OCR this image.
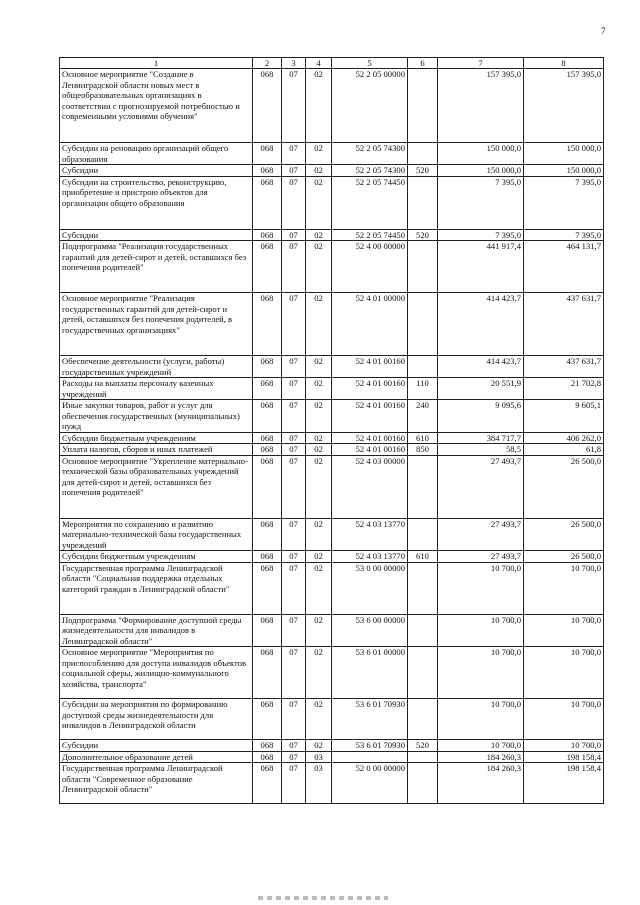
7
1	2	3	4	5	6	7	8
Основное мероприятие "Создание в Ленинградской области новых мест в общеобразовательных организациях в соответствии с прогнозируемой потребностью и современными условиями обучения"	068	07	02	52 2 05 00000		157 395,0	157 395,0
Субсидии на реновацию организаций общего образования	068	07	02	52 2 05 74300		150 000,0	150 000,0
Субсидии	068	07	02	52 2 05 74300	520	150 000,0	150 000,0
Субсидии на строительство, реконструкцию, приобретение и пристрою объектов для организации общего образования	068	07	02	52 2 05 74450		7 395,0	7 395,0
Субсидии	068	07	02	52 2 05 74450	520	7 395,0	7 395,0
Подпрограмма "Реализация государственных гарантий для детей-сирот и детей, оставшихся без попечения родителей"	068	07	02	52 4 00 00000		441 917,4	464 131,7
Основное мероприятие "Реализация государственных гарантий для детей-сирот и детей, оставшихся без попечения родителей, в государственных организациях"	068	07	02	52 4 01 00000		414 423,7	437 631,7
Обеспечение деятельности (услуги, работы) государственных учреждений	068	07	02	52 4 01 00160		414 423,7	437 631,7
Расходы на выплаты персоналу казенных учреждений	068	07	02	52 4 01 00160	110	20 551,9	21 702,8
Иные закупки товаров, работ и услуг для обеспечения государственных (муниципальных) нужд	068	07	02	52 4 01 00160	240	9 095,6	9 605,1
Субсидии бюджетным учреждениям	068	07	02	52 4 01 00160	610	384 717,7	406 262,0
Уплата налогов, сборов и иных платежей	068	07	02	52 4 01 00160	850	58,5	61,8
Основное мероприятие "Укрепление материально-технической базы образовательных учреждений для детей-сирот и детей, оставшихся без попечения родителей"	068	07	02	52 4 03 00000		27 493,7	26 500,0
Мероприятия по сохранению и развитию материально-технической базы государственных учреждений	068	07	02	52 4 03 13770		27 493,7	26 500,0
Субсидии бюджетным учреждениям	068	07	02	52 4 03 13770	610	27 493,7	26 500,0
Государственная программа Ленинградской области "Социальная поддержка отдельных категорий граждан в Ленинградской области"	068	07	02	53 0 00 00000		10 700,0	10 700,0
Подпрограмма "Формирование доступной среды жизнедеятельности для инвалидов в Ленинградской области"	068	07	02	53 6 00 00000		10 700,0	10 700,0
Основное мероприятие "Мероприятия по приспособлению для доступа инвалидов объектов социальной сферы, жилищно-коммунального хозяйства, транспорта"	068	07	02	53 6 01 00000		10 700,0	10 700,0
Субсидии на мероприятия по формированию доступной среды жизнедеятельности для инвалидов в Ленинградской области	068	07	02	53 6 01 70930		10 700,0	10 700,0
Субсидии	068	07	02	53 6 01 70930	520	10 700,0	10 700,0
Дополнительное образование детей	068	07	03			184 260,3	198 158,4
Государственная программа Ленинградской области "Современное образование Ленинградской области"	068	07	03	52 0 00 00000		184 260,3	198 158,4
